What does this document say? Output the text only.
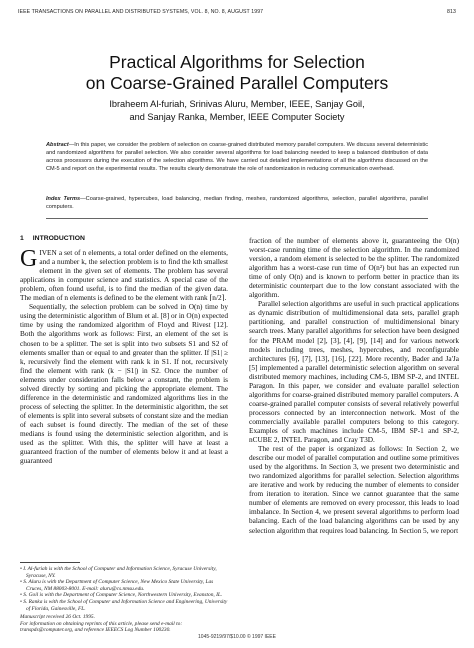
IEEE TRANSACTIONS ON PARALLEL AND DISTRIBUTED SYSTEMS, VOL. 8, NO. 8, AUGUST 1997	813
Practical Algorithms for Selection
on Coarse-Grained Parallel Computers
Ibraheem Al-furiah, Srinivas Aluru, Member, IEEE, Sanjay Goil,
and Sanjay Ranka, Member, IEEE Computer Society
Abstract—In this paper, we consider the problem of selection on coarse-grained distributed memory parallel computers. We discuss several deterministic and randomized algorithms for parallel selection. We also consider several algorithms for load balancing needed to keep a balanced distribution of data across processors during the execution of the selection algorithms. We have carried out detailed implementations of all the algorithms discussed on the CM-5 and report on the experimental results. The results clearly demonstrate the role of randomization in reducing communication overhead.
Index Terms—Coarse-grained, hypercubes, load balancing, median finding, meshes, randomized algorithms, selection, parallel algorithms, parallel computers.
1 INTRODUCTION

GIVEN a set of n elements, a total order defined on the elements, and a number k, the selection problem is to find the kth smallest element in the given set of elements. The problem has several applications in computer science and statistics. A special case of the problem, often found useful, is to find the median of the given data. The median of n elements is defined to be the element with rank ⌈n/2⌉.

Sequentially, the selection problem can be solved in O(n) time by using the deterministic algorithm of Blum et al. [8] or in O(n) expected time by using the randomized algorithm of Floyd and Rivest [12]. Both the algorithms work as follows: First, an element of the set is chosen to be a splitter. The set is split into two subsets S1 and S2 of elements smaller than or equal to and greater than the splitter. If |S1| ≥ k, recursively find the element with rank k in S1. If not, recursively find the element with rank (k − |S1|) in S2. Once the number of elements under consideration falls below a constant, the problem is solved directly by sorting and picking the appropriate element. The difference in the deterministic and randomized algorithms lies in the process of selecting the splitter. In the deterministic algorithm, the set of elements is split into several subsets of constant size and the median of each subset is found directly. The median of the set of these medians is found using the deterministic selection algorithm, and is used as the splitter. With this, the splitter will have at least a guaranteed fraction of the number of elements below it and at least a guaranteed

fraction of the number of elements above it, guaranteeing the O(n) worst-case running time of the selection algorithm. In the randomized version, a random element is selected to be the splitter. The randomized algorithm has a worst-case run time of O(n²) but has an expected run time of only O(n) and is known to perform better in practice than its deterministic counterpart due to the low constant associated with the algorithm.

Parallel selection algorithms are useful in such practical applications as dynamic distribution of multidimensional data sets, parallel graph partitioning, and parallel construction of multidimensional binary search trees. Many parallel algorithms for selection have been designed for the PRAM model [2], [3], [4], [9], [14] and for various network models including trees, meshes, hypercubes, and reconfigurable architectures [6], [7], [13], [16], [22]. More recently, Bader and Ja'Ja [5] implemented a parallel deterministic selection algorithm on several distributed memory machines, including CM-5, IBM SP-2, and INTEL Paragon. In this paper, we consider and evaluate parallel selection algorithms for coarse-grained distributed memory parallel computers. A coarse-grained parallel computer consists of several relatively powerful processors connected by an interconnection network. Most of the commercially available parallel computers belong to this category. Examples of such machines include CM-5, IBM SP-1 and SP-2, nCUBE 2, INTEL Paragon, and Cray T3D.

The rest of the paper is organized as follows: In Section 2, we describe our model of parallel computation and outline some primitives used by the algorithms. In Section 3, we present two deterministic and two randomized algorithms for parallel selection. Selection algorithms are iterative and work by reducing the number of elements to consider from iteration to iteration. Since we cannot guarantee that the same number of elements are removed on every processor, this leads to load imbalance. In Section 4, we present several algorithms to perform load balancing. Each of the load balancing algorithms can be used by any selection algorithm that requires load balancing. In Section 5, we report

• I. Al-furiah is with the School of Computer and Information Science, Syracuse University, Syracuse, NY.
• S. Aluru is with the Department of Computer Science, New Mexico State University, Las Cruces, NM 88003-8001. E-mail: aluru@cs.nmsu.edu.
• S. Goil is with the Department of Computer Science, Northwestern University, Evanston, IL.
• S. Ranka is with the School of Computer and Information Science and Engineering, University of Florida, Gainesville, FL.
Manuscript received 26 Oct. 1995.
For information on obtaining reprints of this article, please send e-mail to: transpds@computer.org, and reference IEEECS Log Number 100230.
1045-9219/97/$10.00 © 1997 IEEE
